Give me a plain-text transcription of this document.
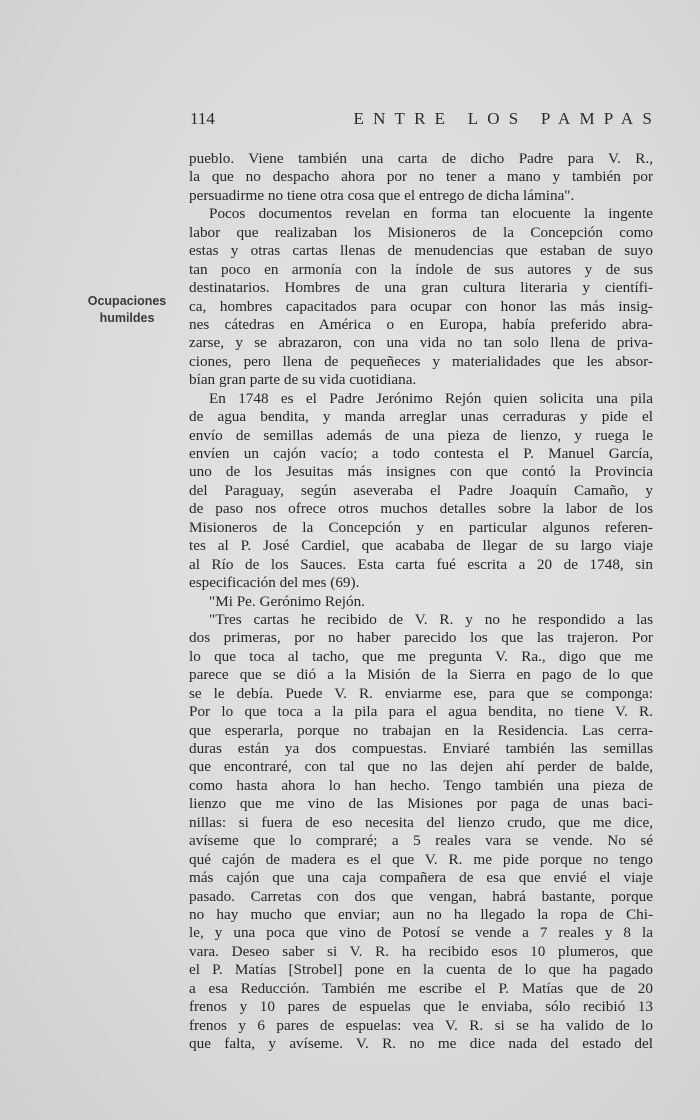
114	ENTRE LOS PAMPAS
Ocupaciones
humildes
pueblo. Viene también una carta de dicho Padre para V. R.,
la que no despacho ahora por no tener a mano y también por
persuadirme no tiene otra cosa que el entrego de dicha lámina".
Pocos documentos revelan en forma tan elocuente la ingente
labor que realizaban los Misioneros de la Concepción como
estas y otras cartas llenas de menudencias que estaban de suyo
tan poco en armonía con la índole de sus autores y de sus
destinatarios. Hombres de una gran cultura literaria y científi-
ca, hombres capacitados para ocupar con honor las más insig-
nes cátedras en América o en Europa, había preferido abra-
zarse, y se abrazaron, con una vida no tan solo llena de priva-
ciones, pero llena de pequeñeces y materialidades que les absor-
bían gran parte de su vida cuotidiana.
En 1748 es el Padre Jerónimo Rejón quien solicita una pila
de agua bendita, y manda arreglar unas cerraduras y pide el
envío de semillas además de una pieza de lienzo, y ruega le
envíen un cajón vacío; a todo contesta el P. Manuel García,
uno de los Jesuitas más insignes con que contó la Provincia
del Paraguay, según aseveraba el Padre Joaquín Camaño, y
de paso nos ofrece otros muchos detalles sobre la labor de los
Misioneros de la Concepción y en particular algunos referen-
tes al P. José Cardiel, que acababa de llegar de su largo viaje
al Río de los Sauces. Esta carta fué escrita a 20 de 1748, sin
especificación del mes (69).
"Mi Pe. Gerónimo Rejón.
"Tres cartas he recibido de V. R. y no he respondido a las
dos primeras, por no haber parecido los que las trajeron. Por
lo que toca al tacho, que me pregunta V. Ra., digo que me
parece que se dió a la Misión de la Sierra en pago de lo que
se le debía. Puede V. R. enviarme ese, para que se componga:
Por lo que toca a la pila para el agua bendita, no tiene V. R.
que esperarla, porque no trabajan en la Residencia. Las cerra-
duras están ya dos compuestas. Enviaré también las semillas
que encontraré, con tal que no las dejen ahí perder de balde,
como hasta ahora lo han hecho. Tengo también una pieza de
lienzo que me vino de las Misiones por paga de unas baci-
nillas: si fuera de eso necesita del lienzo crudo, que me dice,
avíseme que lo compraré; a 5 reales vara se vende. No sé
qué cajón de madera es el que V. R. me pide porque no tengo
más cajón que una caja compañera de esa que envié el viaje
pasado. Carretas con dos que vengan, habrá bastante, porque
no hay mucho que enviar; aun no ha llegado la ropa de Chi-
le, y una poca que vino de Potosí se vende a 7 reales y 8 la
vara. Deseo saber si V. R. ha recibido esos 10 plumeros, que
el P. Matías [Strobel] pone en la cuenta de lo que ha pagado
a esa Reducción. También me escribe el P. Matías que de 20
frenos y 10 pares de espuelas que le enviaba, sólo recibió 13
frenos y 6 pares de espuelas: vea V. R. si se ha valido de lo
que falta, y avíseme. V. R. no me dice nada del estado del
